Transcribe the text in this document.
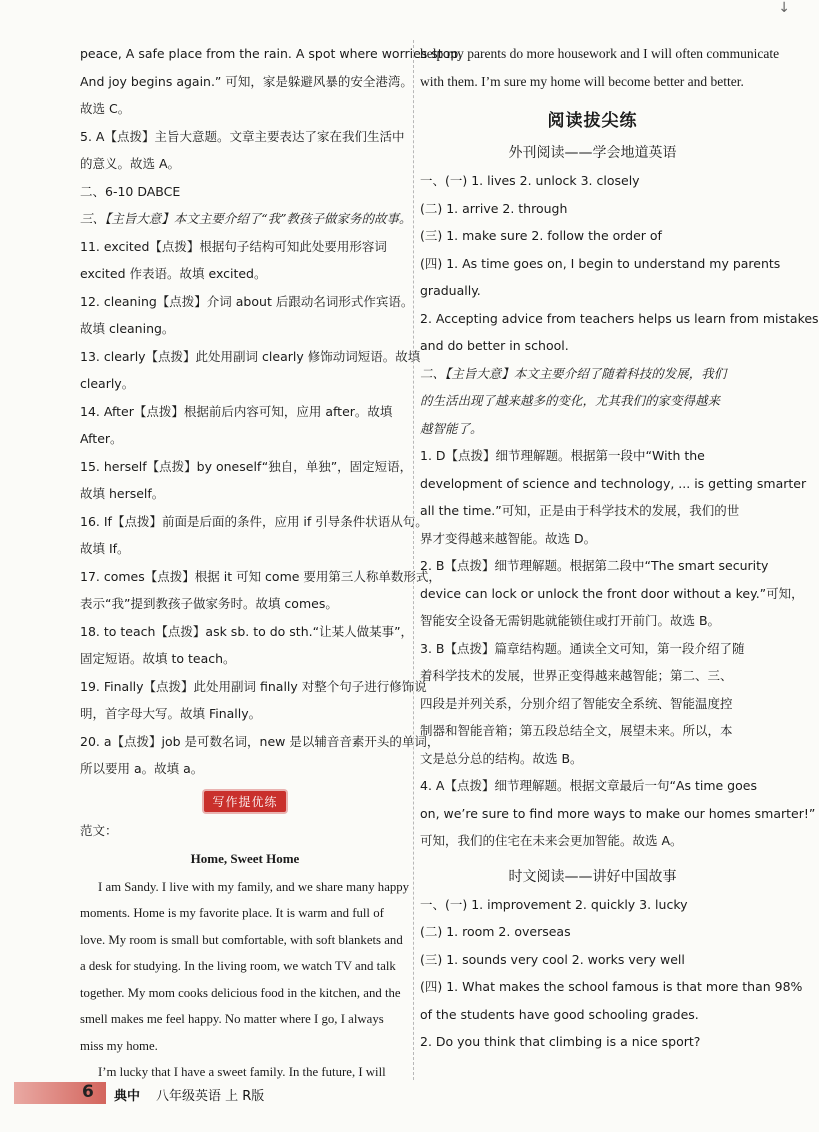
↓
peace, A safe place from the rain. A spot where worries stop,
And joy begins again.” 可知，家是躲避风暴的安全港湾。
故选 C。
5. A【点拨】主旨大意题。文章主要表达了家在我们生活中
的意义。故选 A。
二、6-10 DABCE
三、【主旨大意】本文主要介绍了“我”教孩子做家务的故事。
11. excited【点拨】根据句子结构可知此处要用形容词
excited 作表语。故填 excited。
12. cleaning【点拨】介词 about 后跟动名词形式作宾语。
故填 cleaning。
13. clearly【点拨】此处用副词 clearly 修饰动词短语。故填
clearly。
14. After【点拨】根据前后内容可知，应用 after。故填
After。
15. herself【点拨】by oneself“独自，单独”，固定短语，
故填 herself。
16. If【点拨】前面是后面的条件，应用 if 引导条件状语从句。
故填 If。
17. comes【点拨】根据 it 可知 come 要用第三人称单数形式，
表示“我”提到教孩子做家务时。故填 comes。
18. to teach【点拨】ask sb. to do sth.“让某人做某事”，
固定短语。故填 to teach。
19. Finally【点拨】此处用副词 finally 对整个句子进行修饰说
明，首字母大写。故填 Finally。
20. a【点拨】job 是可数名词，new 是以辅音音素开头的单词，
所以要用 a。故填 a。
写作提优练
范文：
Home, Sweet Home

I am Sandy. I live with my family, and we share many happy moments. Home is my favorite place. It is warm and full of love. My room is small but comfortable, with soft blankets and a desk for studying. In the living room, we watch TV and talk together. My mom cooks delicious food in the kitchen, and the smell makes me feel happy. No matter where I go, I always miss my home.

I’m lucky that I have a sweet family. In the future, I will

help my parents do more housework and I will often communicate
with them. I’m sure my home will become better and better.
阅读拔尖练
外刊阅读——学会地道英语
一、(一) 1. lives 2. unlock 3. closely
(二) 1. arrive 2. through
(三) 1. make sure 2. follow the order of
(四) 1. As time goes on, I begin to understand my parents
gradually.
2. Accepting advice from teachers helps us learn from mistakes
and do better in school.
二、【主旨大意】本文主要介绍了随着科技的发展，我们
的生活出现了越来越多的变化，尤其我们的家变得越来
越智能了。
1. D【点拨】细节理解题。根据第一段中“With the
development of science and technology, ... is getting smarter
all the time.”可知，正是由于科学技术的发展，我们的世
界才变得越来越智能。故选 D。
2. B【点拨】细节理解题。根据第二段中“The smart security
device can lock or unlock the front door without a key.”可知，
智能安全设备无需钥匙就能锁住或打开前门。故选 B。
3. B【点拨】篇章结构题。通读全文可知，第一段介绍了随
着科学技术的发展，世界正变得越来越智能；第二、三、
四段是并列关系，分别介绍了智能安全系统、智能温度控
制器和智能音箱；第五段总结全文，展望未来。所以，本
文是总分总的结构。故选 B。
4. A【点拨】细节理解题。根据文章最后一句“As time goes
on, we’re sure to find more ways to make our homes smarter!”
可知，我们的住宅在未来会更加智能。故选 A。
时文阅读——讲好中国故事
一、(一) 1. improvement 2. quickly 3. lucky
(二) 1. room 2. overseas
(三) 1. sounds very cool 2. works very well
(四) 1. What makes the school famous is that more than 98%
of the students have good schooling grades.
2. Do you think that climbing is a nice sport?
6 典中 八年级英语 上 R版
